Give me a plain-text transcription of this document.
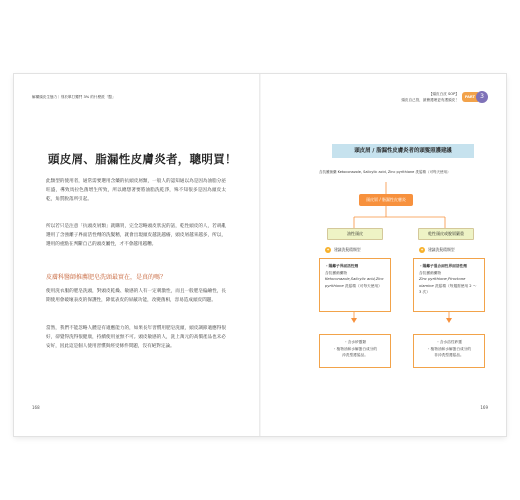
解構頭皮生態力｜別於單打獨鬥 3% 的什麼派「醫」
頭皮屑、脂漏性皮膚炎者，聰明買！

此類型的使用者，通常需要選用含藥的抗頭皮屑類，一般人的認知通以為是因為油脂分泌旺盛，導致馬拉色菌增生所致，所以總想著要將油脂洗乾淨，殊不知很多是因為頭皮太乾，角質脫落所引起。

所以若只是注意「抗頭皮屑類」就購買，完全忽略頭皮狀況的話，乾性頭皮的人，若胡亂選用了含強離子界面活性劑的洗髮精，就會出現頭皮越洗越癢，頭皮屑越來越多，所以，選用的重點在判斷自己的頭皮屬性，才不會越用越糟。

皮膚科醫師推薦肥皂洗頭最實在，是真的嗎？

使用洗衣服的肥皂洗頭，對頭皮乾燥、敏感的人有一定刺激性，而且一般肥皂偏鹼性，長期使用會破壞表皮的保護性，降低表皮的屏蔽功能，改變菌相，容易造成頭皮問題。

當然，我們不能忽略人體是有適應能力的，如果長年習慣用肥皂洗頭，頭皮調節適應得很好，卻覺得洗得很健康，持續使用並無不可。頭皮敏感的人，洗上萬元的高價產品也未必安好，因此這是個人使用習慣與經受條件問題，沒有絕對定論。

168
【頭皮白皮 SOP】
頭皮自己管，最簡護理更有護頭皮！
PART 3
頭皮屑 / 脂漏性皮膚炎者的頭髮照護建議
含抗黴菌藥 Ketoconazole, Salicylic acid, Zinc pyrithione 洗髮精（可每天使用）
頭皮屑 / 脂漏性皮膚炎
油性頭皮	乾性頭皮或脫屑嚴重
✦	建議洗髮精類型	✦	建議洗髮精類型

・陽離子界面活性劑

含抗黴菌藥物

Ketoconazole,Salicylic acid,Zinc pyrithione 洗髮精（可每天使用）

・陽離子混合兩性界面活性劑

含抗黴菌藥物

Zinc pyrithione,Piroctone olamine 洗髮精（每週需使用 2 ～ 3 次）

・含水矽靈類

・植物油和水解蛋白成分的

沖洗型護髮品。

・含水溶性矽靈

・植物油和水解蛋白成分的

非沖洗型護髮品。

169
